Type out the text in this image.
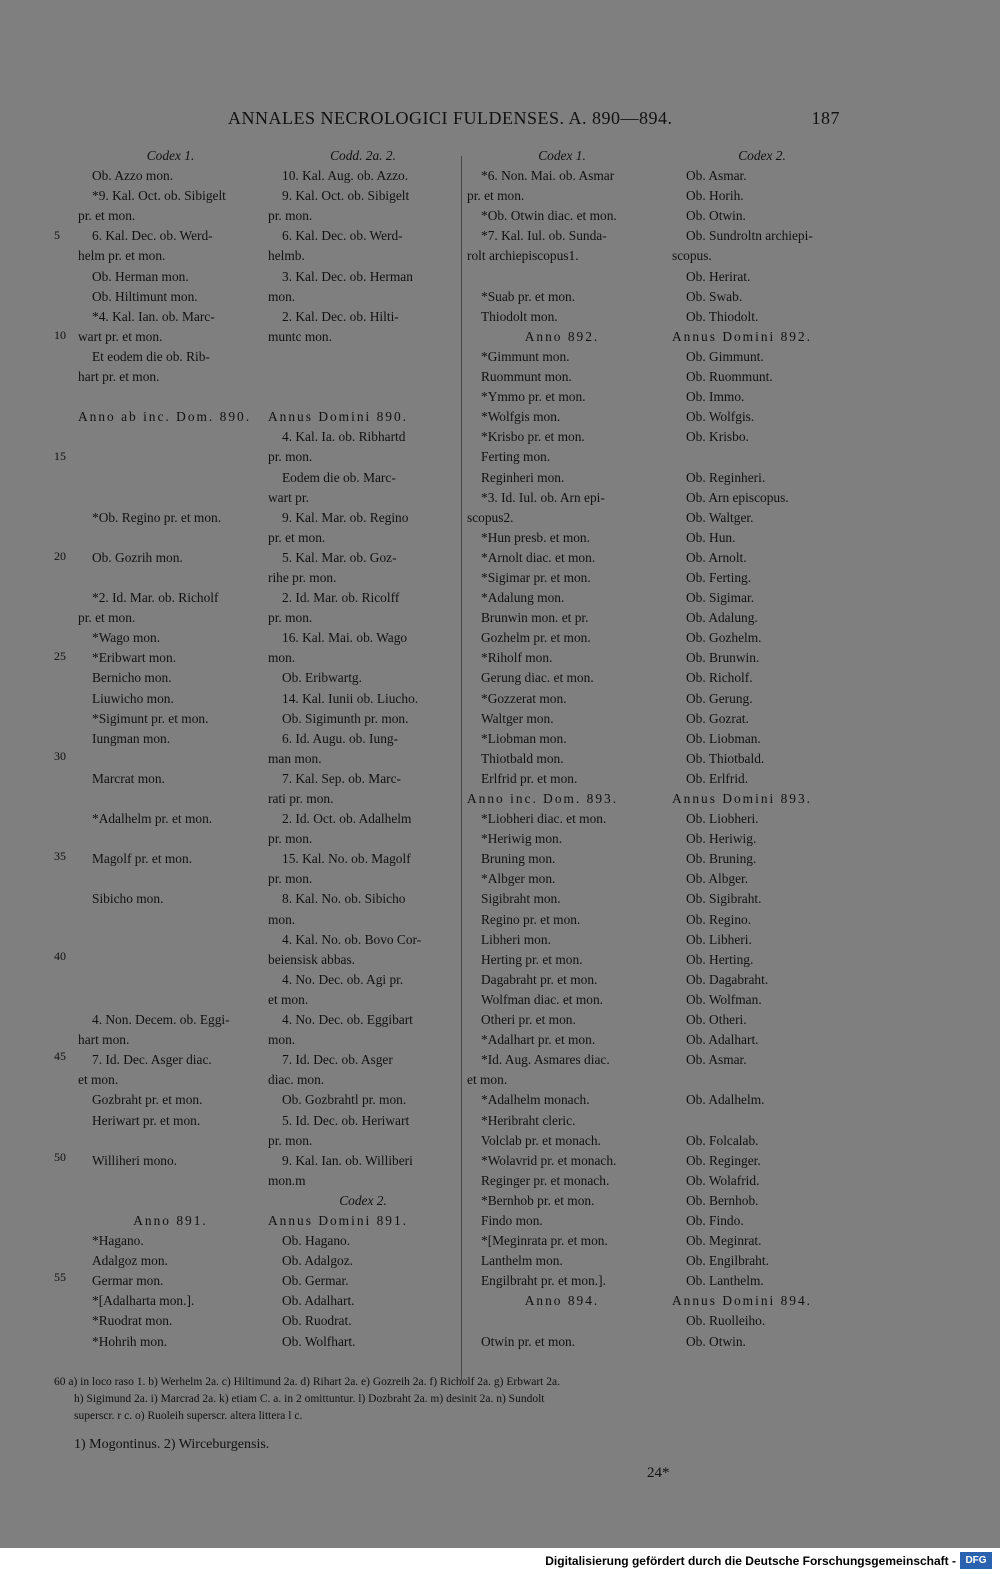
ANNALES NECROLOGICI FULDENSES. A. 890—894.	187
Codex 1.
Ob. Azzo mon.
*9. Kal. Oct. ob. Sibigelt
pr. et mon.
6. Kal. Dec. ob. Werd-
helm pr. et mon.
Ob. Herman mon.
Ob. Hiltimunt mon.
*4. Kal. Ian. ob. Marc-
wart pr. et mon.
Et eodem die ob. Rib-
hart pr. et mon.
Anno ab inc. Dom. 890.
*Ob. Regino pr. et mon.
Ob. Gozrih mon.
*2. Id. Mar. ob. Richolf
pr. et mon.
*Wago mon.
*Eribwart mon.
Bernicho mon.
Liuwicho mon.
*Sigimunt pr. et mon.
Iungman mon.
Marcrat mon.
*Adalhelm pr. et mon.
Magolf pr. et mon.
Sibicho mon.
4. Non. Decem. ob. Eggi-
hart mon.
7. Id. Dec. Asger diac.
et mon.
Gozbraht pr. et mon.
Heriwart pr. et mon.
Williheri mono.
Anno 891.
*Hagano.
Adalgoz mon.
Germar mon.
*[Adalharta mon.].
*Ruodrat mon.
*Hohrih mon.
Codd. 2a. 2.
10. Kal. Aug. ob. Azzo.
9. Kal. Oct. ob. Sibigelt
pr. mon.
6. Kal. Dec. ob. Werd-
helmb.
3. Kal. Dec. ob. Herman
mon.
2. Kal. Dec. ob. Hilti-
muntc mon.
Annus Domini 890.
4. Kal. Ia. ob. Ribhartd
pr. mon.
Eodem die ob. Marc-
wart pr.
9. Kal. Mar. ob. Regino
pr. et mon.
5. Kal. Mar. ob. Goz-
rihe pr. mon.
2. Id. Mar. ob. Ricolff
pr. mon.
16. Kal. Mai. ob. Wago
mon.
Ob. Eribwartg.
14. Kal. Iunii ob. Liucho.
Ob. Sigimunth pr. mon.
6. Id. Augu. ob. Iung-
man mon.
7. Kal. Sep. ob. Marc-
rati pr. mon.
2. Id. Oct. ob. Adalhelm
pr. mon.
15. Kal. No. ob. Magolf
pr. mon.
8. Kal. No. ob. Sibicho
mon.
4. Kal. No. ob. Bovo Cor-
beiensisk abbas.
4. No. Dec. ob. Agi pr.
et mon.
4. No. Dec. ob. Eggibart
mon.
7. Id. Dec. ob. Asger
diac. mon.
Ob. Gozbrahtl pr. mon.
5. Id. Dec. ob. Heriwart
pr. mon.
9. Kal. Ian. ob. Williberi
mon.m
Codex 2.
Annus Domini 891.
Ob. Hagano.
Ob. Adalgoz.
Ob. Germar.
Ob. Adalhart.
Ob. Ruodrat.
Ob. Wolfhart.
Codex 1.
*6. Non. Mai. ob. Asmar
pr. et mon.
*Ob. Otwin diac. et mon.
*7. Kal. Iul. ob. Sunda-
rolt archiepiscopus1.
*Suab pr. et mon.
Thiodolt mon.
Anno 892.
*Gimmunt mon.
Ruommunt mon.
*Ymmo pr. et mon.
*Wolfgis mon.
*Krisbo pr. et mon.
Ferting mon.
Reginheri mon.
*3. Id. Iul. ob. Arn epi-
scopus2.
*Hun presb. et mon.
*Arnolt diac. et mon.
*Sigimar pr. et mon.
*Adalung mon.
Brunwin mon. et pr.
Gozhelm pr. et mon.
*Riholf mon.
Gerung diac. et mon.
*Gozzerat mon.
Waltger mon.
*Liobman mon.
Thiotbald mon.
Erlfrid pr. et mon.
Anno inc. Dom. 893.
*Liobheri diac. et mon.
*Heriwig mon.
Bruning mon.
*Albger mon.
Sigibraht mon.
Regino pr. et mon.
Libheri mon.
Herting pr. et mon.
Dagabraht pr. et mon.
Wolfman diac. et mon.
Otheri pr. et mon.
*Adalhart pr. et mon.
*Id. Aug. Asmares diac.
et mon.
*Adalhelm monach.
*Heribraht cleric.
Volclab pr. et monach.
*Wolavrid pr. et monach.
Reginger pr. et monach.
*Bernhob pr. et mon.
Findo mon.
*[Meginrata pr. et mon.
Lanthelm mon.
Engilbraht pr. et mon.].
Anno 894.
Otwin pr. et mon.
Codex 2.
Ob. Asmar.
Ob. Horih.
Ob. Otwin.
Ob. Sundroltn archiepi-
scopus.
Ob. Herirat.
Ob. Swab.
Ob. Thiodolt.
Annus Domini 892.
Ob. Gimmunt.
Ob. Ruommunt.
Ob. Immo.
Ob. Wolfgis.
Ob. Krisbo.
Ob. Reginheri.
Ob. Arn episcopus.
Ob. Waltger.
Ob. Hun.
Ob. Arnolt.
Ob. Ferting.
Ob. Sigimar.
Ob. Adalung.
Ob. Gozhelm.
Ob. Brunwin.
Ob. Richolf.
Ob. Gerung.
Ob. Gozrat.
Ob. Liobman.
Ob. Thiotbald.
Ob. Erlfrid.
Annus Domini 893.
Ob. Liobheri.
Ob. Heriwig.
Ob. Bruning.
Ob. Albger.
Ob. Sigibraht.
Ob. Regino.
Ob. Libheri.
Ob. Herting.
Ob. Dagabraht.
Ob. Wolfman.
Ob. Otheri.
Ob. Adalhart.
Ob. Asmar.
Ob. Adalhelm.
Ob. Folcalab.
Ob. Reginger.
Ob. Wolafrid.
Ob. Bernhob.
Ob. Findo.
Ob. Meginrat.
Ob. Engilbraht.
Ob. Lanthelm.
Annus Domini 894.
Ob. Ruolleiho.
Ob. Otwin.
5
10
15
20
25
30
35
40
45
50
55
60 a) in loco raso 1. b) Werhelm 2a. c) Hiltimund 2a. d) Rihart 2a. e) Gozreih 2a. f) Richolf 2a. g) Erbwart 2a.
h) Sigimund 2a. i) Marcrad 2a. k) etiam C. a. in 2 omittuntur. l) Dozbraht 2a. m) desinit 2a. n) Sundolt
superscr. r c. o) Ruoleih superscr. altera littera l c.
1) Mogontinus. 2) Wirceburgensis.
24*
Digitalisierung gefördert durch die Deutsche Forschungsgemeinschaft - DFG
